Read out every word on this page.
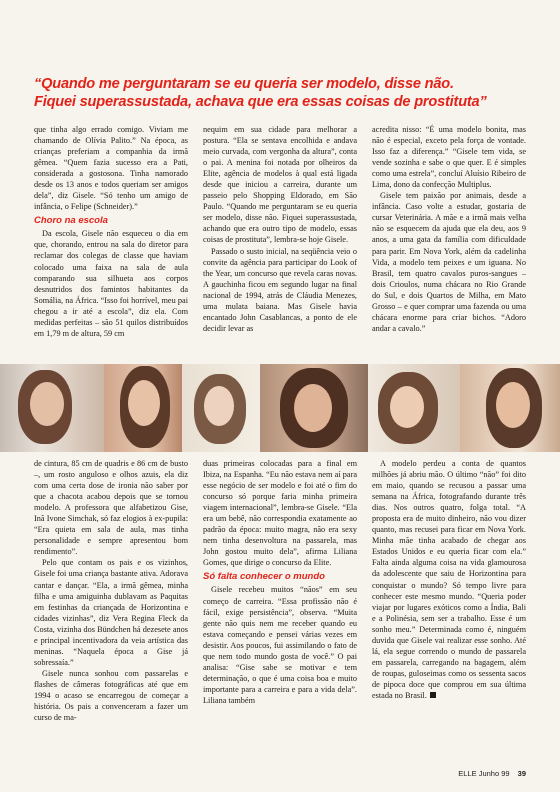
“Quando me perguntaram se eu queria ser modelo, disse não.
Fiquei superassustada, achava que era essas coisas de prostituta”

que tinha algo errado comigo. Viviam me chamando de Olívia Palito.” Na época, as crianças preferiam a companhia da irmã gêmea. “Quem fazia sucesso era a Pati, considerada a gostosona. Tinha namorado desde os 13 anos e todos queriam ser amigos dela”, diz Gisele. “Só tenho um amigo de infância, o Felipe (Schneider).”

Choro na escola

Da escola, Gisele não esqueceu o dia em que, chorando, entrou na sala do diretor para reclamar dos colegas de classe que haviam colocado uma faixa na sala de aula comparando sua silhueta aos corpos desnutridos dos famintos habitantes da Somália, na África. “Isso foi horrível, meu pai chegou a ir até a escola”, diz ela. Com medidas perfeitas – são 51 quilos distribuídos em 1,79 m de altura, 59 cm

nequim em sua cidade para melhorar a postura. “Ela se sentava encolhida e andava meio curvada, com vergonha da altura”, conta o pai. A menina foi notada por olheiros da Elite, agência de modelos à qual está ligada desde que iniciou a carreira, durante um passeio pelo Shopping Eldorado, em São Paulo. “Quando me perguntaram se eu queria ser modelo, disse não. Fiquei superassustada, achando que era outro tipo de modelo, essas coisas de prostituta”, lembra-se hoje Gisele.

Passado o susto inicial, na seqüência veio o convite da agência para participar do Look of the Year, um concurso que revela caras novas. A gauchinha ficou em segundo lugar na final nacional de 1994, atrás de Cláudia Menezes, uma mulata baiana. Mas Gisele havia encantado John Casablancas, a ponto de ele decidir levar as

acredita nisso: “É uma modelo bonita, mas não é especial, exceto pela força de vontade. Isso faz a diferença.” “Gisele tem vida, se vende sozinha e sabe o que quer. E é simples como uma estrela”, concluí Aluísio Ribeiro de Lima, dono da confecção Multiplus.

Gisele tem paixão por animais, desde a infância. Caso volte a estudar, gostaria de cursar Veterinária. A mãe e a irmã mais velha não se esquecem da ajuda que ela deu, aos 9 anos, a uma gata da família com dificuldade para parir. Em Nova York, além da cadelinha Vida, a modelo tem peixes e um iguana. No Brasil, tem quatro cavalos puros-sangues – dois Crioulos, numa chácara no Rio Grande do Sul, e dois Quartos de Milha, em Mato Grosso – e quer comprar uma fazenda ou uma chácara enorme para criar bichos. “Adoro andar a cavalo.”

de cintura, 85 cm de quadris e 86 cm de busto –, um rosto anguloso e olhos azuis, ela diz com uma certa dose de ironia não saber por que a chacota acabou depois que se tornou modelo. A professora que alfabetizou Gise, Inã Ivone Simchak, só faz elogios à ex-pupila: “Era quieta em sala de aula, mas tinha personalidade e sempre apresentou bom rendimento”.

Pelo que contam os pais e os vizinhos, Gisele foi uma criança bastante ativa. Adorava cantar e dançar. “Ela, a irmã gêmea, minha filha e uma amiguinha dublavam as Paquitas em festinhas da criançada de Horizontina e cidades vizinhas”, diz Vera Regina Fleck da Costa, vizinha dos Bündchen há dezesete anos e principal incentivadora da veia artística das meninas. “Naquela época a Gise já sobressaía.”

Gisele nunca sonhou com passarelas e flashes de câmeras fotográficas até que em 1994 o acaso se encarregou de começar a história. Os pais a convenceram a fazer um curso de ma-

duas primeiras colocadas para a final em Ibiza, na Espanha. “Eu não estava nem aí para esse negócio de ser modelo e foi até o fim do concurso só porque faria minha primeira viagem internacional”, lembra-se Gisele. “Ela era um bebê, não correspondia exatamente ao padrão da época: muito magra, não era sexy nem tinha desenvoltura na passarela, mas John gostou muito dela”, afirma Liliana Gomes, que dirige o concurso da Elite.

Só falta conhecer o mundo

Gisele recebeu muitos “nãos” em seu começo de carreira. “Essa profissão não é fácil, exige persistência”, observa. “Muita gente não quis nem me receber quando eu estava começando e pensei várias vezes em desistir. Aos poucos, fui assimilando o fato de que nem todo mundo gosta de você.” O pai analisa: “Gise sabe se motivar e tem determinação, o que é uma coisa boa e muito importante para a carreira e para a vida dela”. Liliana também

A modelo perdeu a conta de quantos milhões já abriu mão. O último “não” foi dito em maio, quando se recusou a passar uma semana na África, fotografando durante três dias. Nos outros quatro, folga total. “A proposta era de muito dinheiro, não vou dizer quanto, mas recusei para ficar em Nova York. Minha mãe tinha acabado de chegar aos Estados Unidos e eu queria ficar com ela.” Falta ainda alguma coisa na vida glamourosa da adolescente que saiu de Horizontina para conquistar o mundo? Só tempo livre para conhecer este mesmo mundo. “Queria poder viajar por lugares exóticos como a Índia, Bali e a Polinésia, sem ser a trabalho. Esse é um sonho meu.” Determinada como é, ninguém duvida que Gisele vai realizar esse sonho. Até lá, ela segue correndo o mundo de passarela em passarela, carregando na bagagem, além de roupas, guloseimas como os sessenta sacos de pipoca doce que comprou em sua última estada no Brasil.

ELLE Junho 99 39
